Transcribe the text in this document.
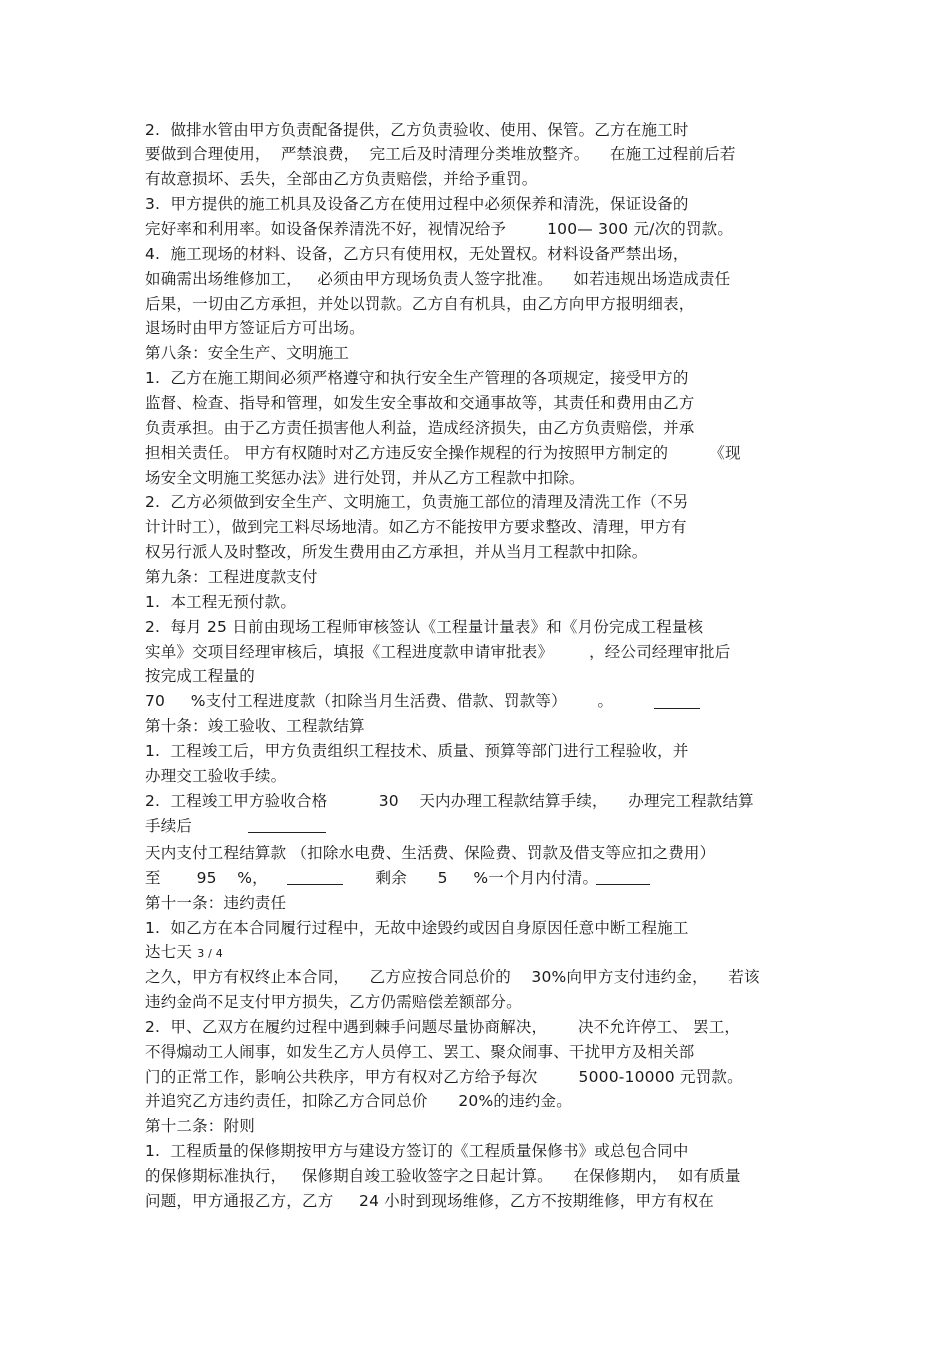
2.  做排水管由甲方负责配备提供，乙方负责验收、使用、保管。乙方在施工时
要做到合理使用，  严禁浪费，  完工后及时清理分类堆放整齐。    在施工过程前后若
有故意损坏、丢失，全部由乙方负责赔偿，并给予重罚。
3.  甲方提供的施工机具及设备乙方在使用过程中必须保养和清洗，保证设备的
完好率和利用率。如设备保养清洗不好，视情况给予        100— 300 元/次的罚款。
4.  施工现场的材料、设备，乙方只有使用权，无处置权。材料设备严禁出场，
如确需出场维修加工，   必须由甲方现场负责人签字批准。    如若违规出场造成责任
后果，一切由乙方承担，并处以罚款。乙方自有机具，由乙方向甲方报明细表，
退场时由甲方签证后方可出场。
第八条：安全生产、文明施工
1.  乙方在施工期间必须严格遵守和执行安全生产管理的各项规定，接受甲方的
监督、检查、指导和管理，如发生安全事故和交通事故等，其责任和费用由乙方
负责承担。由于乙方责任损害他人利益，造成经济损失，由乙方负责赔偿，并承
担相关责任。 甲方有权随时对乙方违反安全操作规程的行为按照甲方制定的        《现
场安全文明施工奖惩办法》进行处罚，并从乙方工程款中扣除。
2.  乙方必须做到安全生产、文明施工，负责施工部位的清理及清洗工作（不另
计计时工），做到完工料尽场地清。如乙方不能按甲方要求整改、清理，甲方有
权另行派人及时整改，所发生费用由乙方承担，并从当月工程款中扣除。
第九条：工程进度款支付
1.  本工程无预付款。
2.  每月 25 日前由现场工程师审核签认《工程量计量表》和《月份完成工程量核
实单》交项目经理审核后，填报《工程进度款申请审批表》       ，经公司经理审批后
按完成工程量的
70     %支付工程进度款（扣除当月生活费、借款、罚款等）      。
第十条：竣工验收、工程款结算
1.  工程竣工后，甲方负责组织工程技术、质量、预算等部门进行工程验收，并
办理交工验收手续。
2.  工程竣工甲方验收合格          30    天内办理工程款结算手续，    办理完工程款结算
手续后
天内支付工程结算款 （扣除水电费、生活费、保险费、罚款及借支等应扣之费用）
至       95    %，                     剩余      5     %一个月内付清。
第十一条：违约责任
1.  如乙方在本合同履行过程中，无故中途毁约或因自身原因任意中断工程施工
达七天 3 / 4
之久，甲方有权终止本合同，    乙方应按合同总价的    30%向甲方支付违约金，    若该
违约金尚不足支付甲方损失，乙方仍需赔偿差额部分。
2.  甲、乙双方在履约过程中遇到棘手问题尽量协商解决，      决不允许停工、 罢工，
不得煽动工人闹事，如发生乙方人员停工、罢工、聚众闹事、干扰甲方及相关部
门的正常工作，影响公共秩序，甲方有权对乙方给予每次        5000-10000 元罚款。
并追究乙方违约责任，扣除乙方合同总价      20%的违约金。
第十二条：附则
1.  工程质量的保修期按甲方与建设方签订的《工程质量保修书》或总包合同中
的保修期标准执行，   保修期自竣工验收签字之日起计算。    在保修期内，  如有质量
问题，甲方通报乙方，乙方     24 小时到现场维修，乙方不按期维修，甲方有权在
